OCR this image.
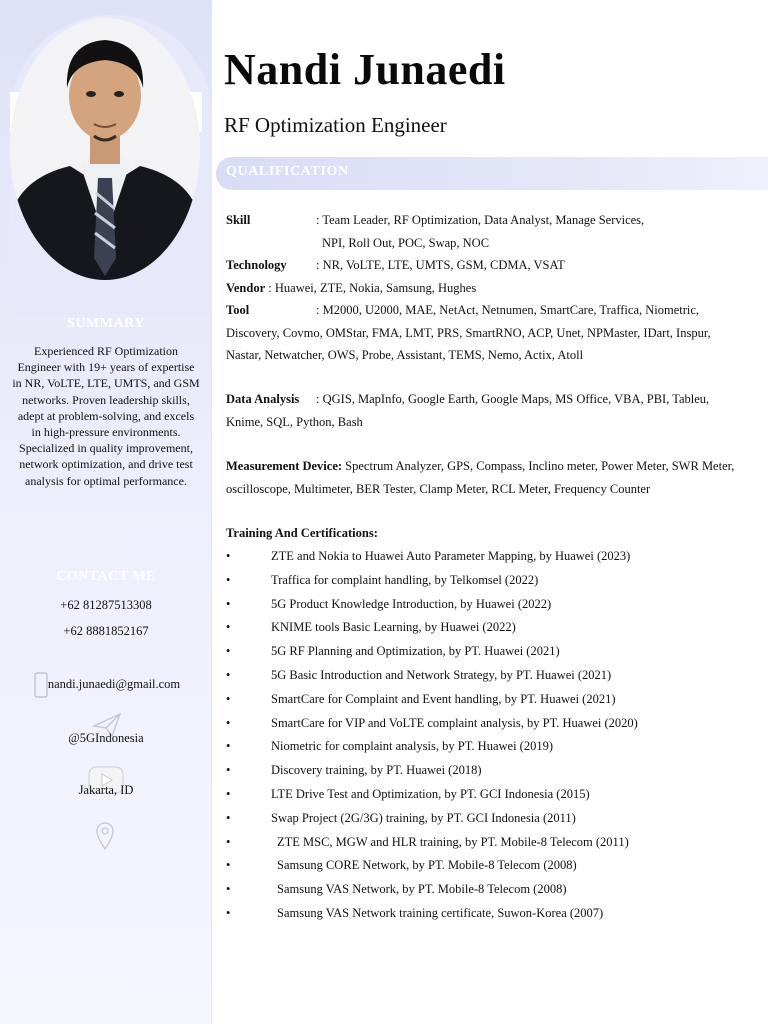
SUMMARY
Experienced RF Optimization Engineer with 19+ years of expertise in NR, VoLTE, LTE, UMTS, and GSM networks. Proven leadership skills, adept at problem-solving, and excels in high-pressure environments. Specialized in quality improvement, network optimization, and drive test analysis for optimal performance.
CONTACT ME
+62 81287513308
+62 8881852167
nandi.junaedi@gmail.com
@5GIndonesia
Jakarta, ID
Nandi Junaedi
RF Optimization Engineer
QUALIFICATION
Skill	: Team Leader, RF Optimization, Data Analyst, Manage Services,
NPI, Roll Out, POC, Swap, NOC
Technology : NR, VoLTE, LTE, UMTS, GSM, CDMA, VSAT
Vendor : Huawei, ZTE, Nokia, Samsung, Hughes
Tool	: M2000, U2000, MAE, NetAct, Netnumen, SmartCare, Traffica, Niometric,
Discovery, Covmo, OMStar, FMA, LMT, PRS, SmartRNO, ACP, Unet, NPMaster, IDart, Inspur,
Nastar, Netwatcher, OWS, Probe, Assistant, TEMS, Nemo, Actix, Atoll
Data Analysis : QGIS, MapInfo, Google Earth, Google Maps, MS Office, VBA, PBI, Tableu,
Knime, SQL, Python, Bash
Measurement Device: Spectrum Analyzer, GPS, Compass, Inclino meter, Power Meter, SWR Meter,
oscilloscope, Multimeter, BER Tester, Clamp Meter, RCL Meter, Frequency Counter
Training And Certifications:
•	ZTE and Nokia to Huawei Auto Parameter Mapping, by Huawei (2023)
•	Traffica for complaint handling, by Telkomsel (2022)
•	5G Product Knowledge Introduction, by Huawei (2022)
•	KNIME tools Basic Learning, by Huawei (2022)
•	5G RF Planning and Optimization, by PT. Huawei (2021)
•	5G Basic Introduction and Network Strategy, by PT. Huawei (2021)
•	SmartCare for Complaint and Event handling, by PT. Huawei (2021)
•	SmartCare for VIP and VoLTE complaint analysis, by PT. Huawei (2020)
•	Niometric for complaint analysis, by PT. Huawei (2019)
•	Discovery training, by PT. Huawei (2018)
•	LTE Drive Test and Optimization, by PT. GCI Indonesia (2015)
•	Swap Project (2G/3G) training, by PT. GCI Indonesia (2011)
•	ZTE MSC, MGW and HLR training, by PT. Mobile-8 Telecom (2011)
•	Samsung CORE Network, by PT. Mobile-8 Telecom (2008)
•	Samsung VAS Network, by PT. Mobile-8 Telecom (2008)
•	Samsung VAS Network training certificate, Suwon-Korea (2007)
